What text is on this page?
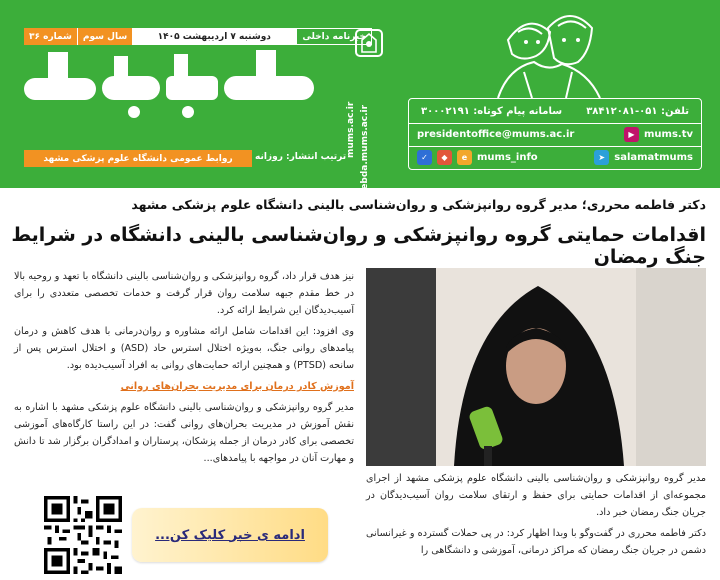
خبرنامه داخلی
دوشنبه ۷ اردیبهشت ۱۴۰۵
سال سوم
شماره ۳۶
ترتیب انتشار: روزانه
روابط عمومی دانشگاه علوم پزشکی مشهد
mums.ac.ir webda.mums.ac.ir	تلفن: ۰۵۱-۳۸۴۱۲۰۸۱
سامانه پیام کوتاه: ۳۰۰۰۲۱۹۱
▶ mums.tv
presidentoffice@mums.ac.ir
➤ salamatmums
✓	◆	e mums_info
دکتر فاطمه محرری؛ مدیر گروه روانپزشکی و روان‌شناسی بالینی دانشگاه علوم پزشکی مشهد
اقدامات حمایتی گروه روانپزشکی و روان‌شناسی بالینی دانشگاه در شرایط جنگ رمضان

مدیر گروه روانپزشکی و روان‌شناسی بالینی دانشگاه علوم پزشکی مشهد از اجرای مجموعه‌ای از اقدامات حمایتی برای حفظ و ارتقای سلامت روان آسیب‌دیدگان در جریان جنگ رمضان خبر داد.

دکتر فاطمه محرری در گفت‌وگو با وبدا اظهار کرد: در پی حملات گسترده و غیرانسانی دشمن در جریان جنگ رمضان که مراکز درمانی، آموزشی و دانشگاهی را

نیز هدف قرار داد، گروه روانپزشکی و روان‌شناسی بالینی دانشگاه با تعهد و روحیه بالا در خط مقدم جبهه سلامت روان قرار گرفت و خدمات تخصصی متعددی را برای آسیب‌دیدگان این شرایط ارائه کرد.

وی افزود: این اقدامات شامل ارائه مشاوره و روان‌درمانی با هدف کاهش و درمان پیامدهای روانی جنگ، به‌ویژه اختلال استرس حاد (ASD) و اختلال استرس پس از سانحه (PTSD) و همچنین ارائه حمایت‌های روانی به افراد آسیب‌دیده بود.

آموزش کادر درمان برای مدیریت بحران‌های روانی

مدیر گروه روانپزشکی و روان‌شناسی بالینی دانشگاه علوم پزشکی مشهد با اشاره به نقش آموزش در مدیریت بحران‌های روانی گفت: در این راستا کارگاه‌های آموزشی تخصصی برای کادر درمان از جمله پزشکان، پرستاران و امدادگران برگزار شد تا دانش و مهارت آنان در مواجهه با پیامدهای...

ادامه ی خبر کلیک کن...
